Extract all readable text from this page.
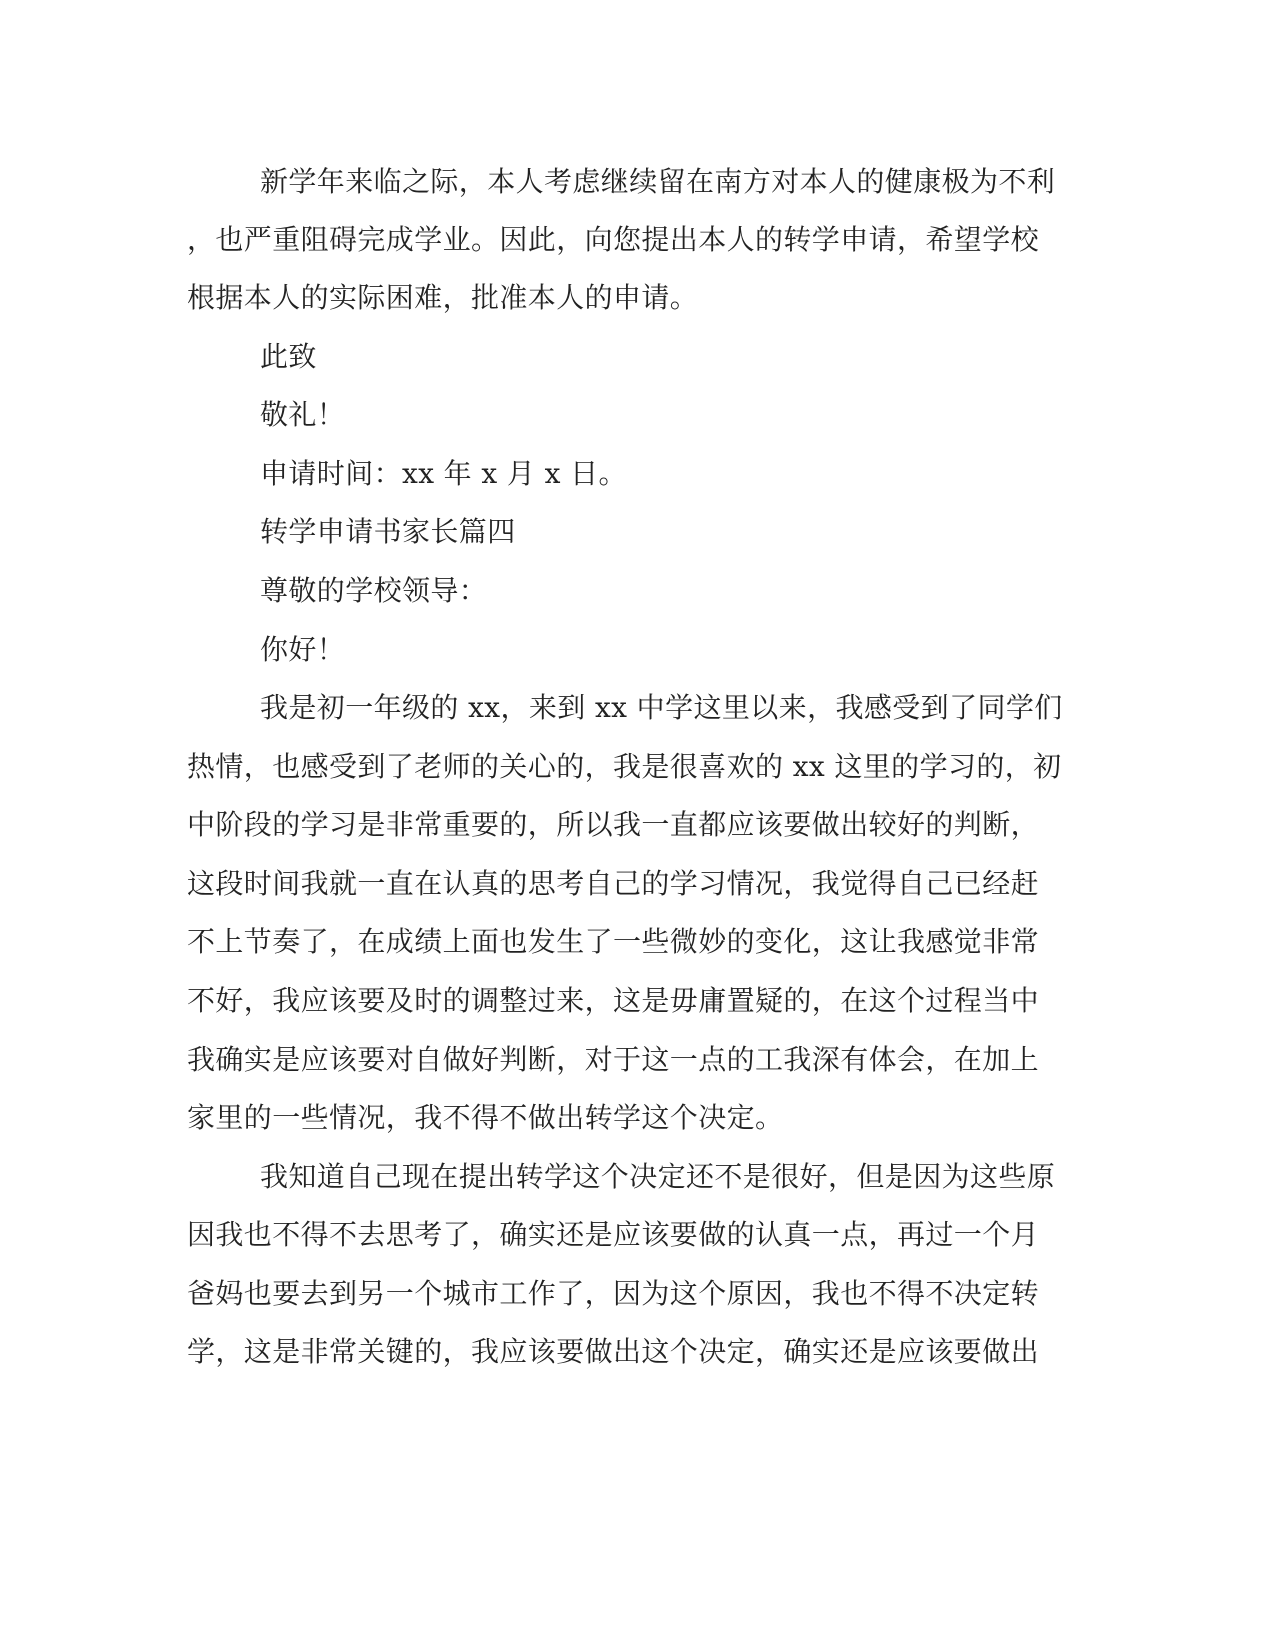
新学年来临之际，本人考虑继续留在南方对本人的健康极为不利
，也严重阻碍完成学业。因此，向您提出本人的转学申请，希望学校
根据本人的实际困难，批准本人的申请。
此致
敬礼！
申请时间：xx 年 x 月 x 日。
转学申请书家长篇四
尊敬的学校领导：
你好！
我是初一年级的 xx，来到 xx 中学这里以来，我感受到了同学们
热情，也感受到了老师的关心的，我是很喜欢的 xx 这里的学习的，初
中阶段的学习是非常重要的，所以我一直都应该要做出较好的判断，
这段时间我就一直在认真的思考自己的学习情况，我觉得自己已经赶
不上节奏了，在成绩上面也发生了一些微妙的变化，这让我感觉非常
不好，我应该要及时的调整过来，这是毋庸置疑的，在这个过程当中
我确实是应该要对自做好判断，对于这一点的工我深有体会，在加上
家里的一些情况，我不得不做出转学这个决定。
我知道自己现在提出转学这个决定还不是很好，但是因为这些原
因我也不得不去思考了，确实还是应该要做的认真一点，再过一个月
爸妈也要去到另一个城市工作了，因为这个原因，我也不得不决定转
学，这是非常关键的，我应该要做出这个决定，确实还是应该要做出
